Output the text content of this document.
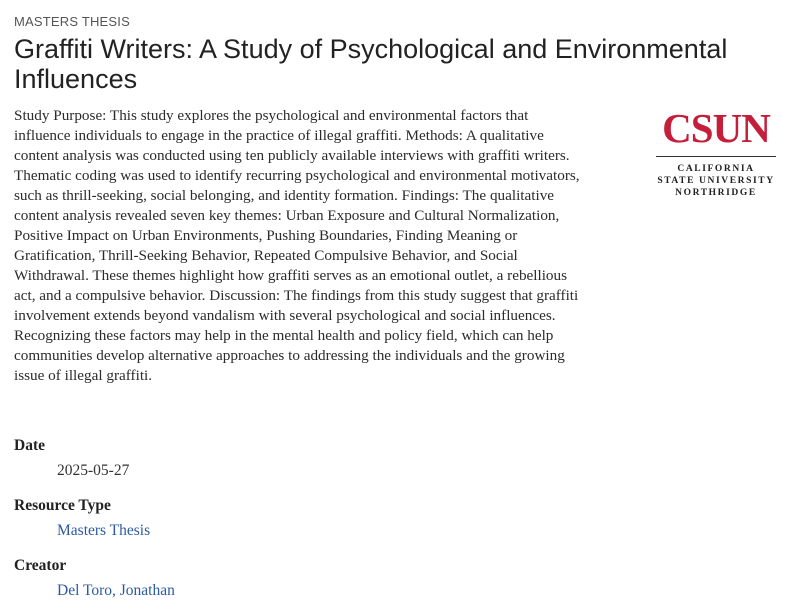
MASTERS THESIS
Graffiti Writers: A Study of Psychological and Environmental Influences

Study Purpose: This study explores the psychological and environmental factors that influence individuals to engage in the practice of illegal graffiti. Methods: A qualitative content analysis was conducted using ten publicly available interviews with graffiti writers. Thematic coding was used to identify recurring psychological and environmental motivators, such as thrill-seeking, social belonging, and identity formation. Findings: The qualitative content analysis revealed seven key themes: Urban Exposure and Cultural Normalization, Positive Impact on Urban Environments, Pushing Boundaries, Finding Meaning or Gratification, Thrill-Seeking Behavior, Repeated Compulsive Behavior, and Social Withdrawal. These themes highlight how graffiti serves as an emotional outlet, a rebellious act, and a compulsive behavior. Discussion: The findings from this study suggest that graffiti involvement extends beyond vandalism with several psychological and social influences. Recognizing these factors may help in the mental health and policy field, which can help communities develop alternative approaches to addressing the individuals and the growing issue of illegal graffiti.

CSUN
CALIFORNIA
STATE UNIVERSITY
NORTHRIDGE
Date
2025-05-27
Resource Type
Masters Thesis
Creator
Del Toro, Jonathan
